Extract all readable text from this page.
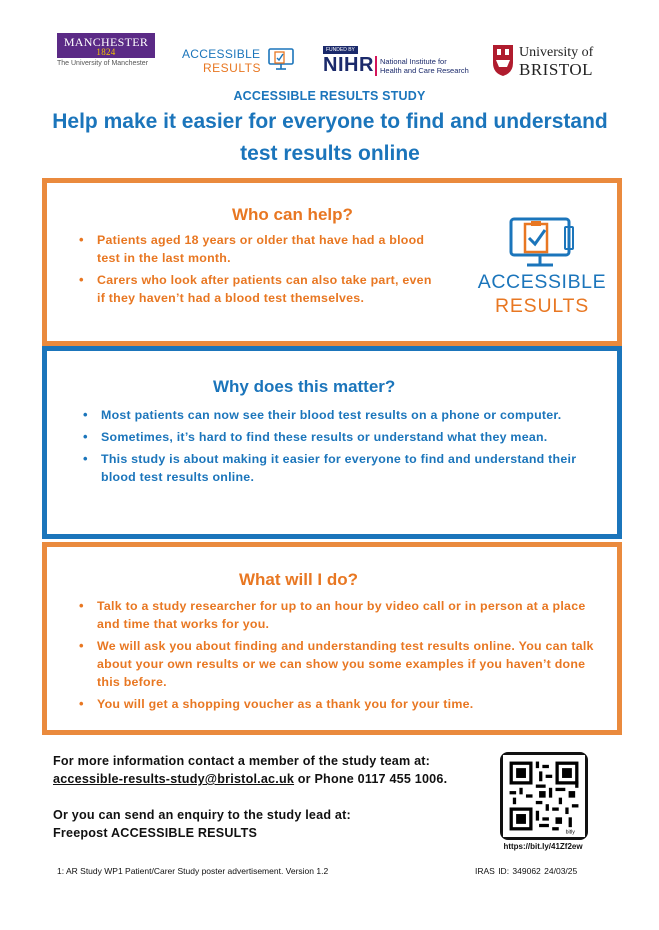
MANCHESTER
1824
The University of Manchester
ACCESSIBLE
RESULTS
FUNDED BY
NIHR National Institute for
Health and Care Research
University of
BRISTOL
ACCESSIBLE RESULTS STUDY
Help make it easier for everyone to find and understand
test results online
Who can help?
• Patients aged 18 years or older that have had a blood test in the last month.
• Carers who look after patients can also take part, even if they haven’t had a blood test themselves.
ACCESSIBLE
RESULTS
Why does this matter?
• Most patients can now see their blood test results on a phone or computer.
• Sometimes, it’s hard to find these results or understand what they mean.
• This study is about making it easier for everyone to find and understand their blood test results online.
What will I do?
• Talk to a study researcher for up to an hour by video call or in person at a place and time that works for you.
• We will ask you about finding and understanding test results online. You can talk about your own results or we can show you some examples if you haven’t done this before.
• You will get a shopping voucher as a thank you for your time.
For more information contact a member of the study team at:
accessible-results-study@bristol.ac.uk or Phone 0117 455 1006.
Or you can send an enquiry to the study lead at:
Freepost ACCESSIBLE RESULTS	bitly
https://bit.ly/41Zf2ew
1: AR Study WP1 Patient/Carer Study poster advertisement. Version 1.2	IRAS ID: 349062 24/03/25
